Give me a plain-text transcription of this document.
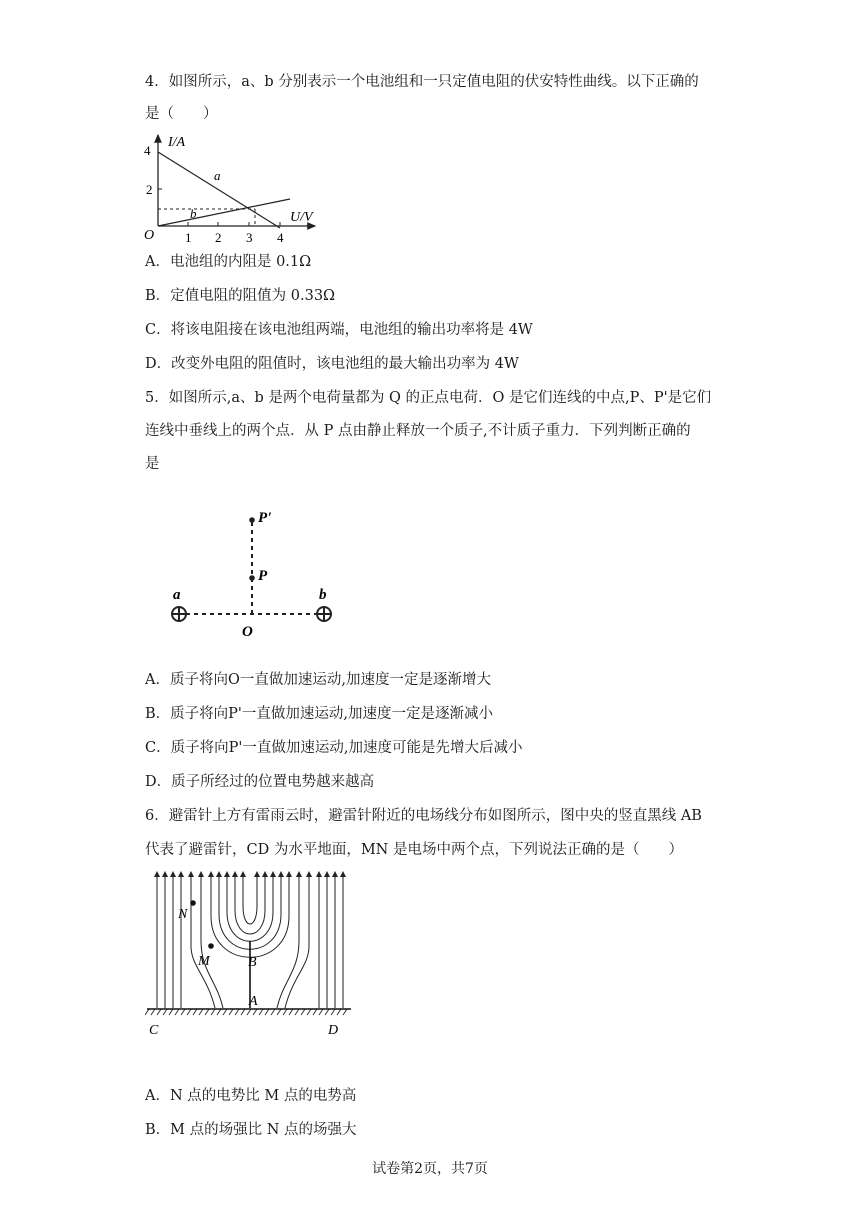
4．如图所示，a、b 分别表示一个电池组和一只定值电阻的伏安特性曲线。以下正确的
是（　　）
I/A
U/V
4
2
O 1 2 3 4
a
b
A．电池组的内阻是 0.1Ω
B．定值电阻的阻值为 0.33Ω
C．将该电阻接在该电池组两端，电池组的输出功率将是 4W
D．改变外电阻的阻值时，该电池组的最大输出功率为 4W
5．如图所示,a、b 是两个电荷量都为 Q 的正点电荷．O 是它们连线的中点,P、P'是它们
连线中垂线上的两个点．从 P 点由静止释放一个质子,不计质子重力．下列判断正确的
是
a	b
O
P
P'
A．质子将向O一直做加速运动,加速度一定是逐渐增大
B．质子将向P'一直做加速运动,加速度一定是逐渐减小
C．质子将向P'一直做加速运动,加速度可能是先增大后减小
D．质子所经过的位置电势越来越高
6．避雷针上方有雷雨云时，避雷针附近的电场线分布如图所示，图中央的竖直黑线 AB
代表了避雷针，CD 为水平地面，MN 是电场中两个点，下列说法正确的是（　　）
N
M	B
A
C	D
A．N 点的电势比 M 点的电势高
B．M 点的场强比 N 点的场强大
试卷第2页，共7页
